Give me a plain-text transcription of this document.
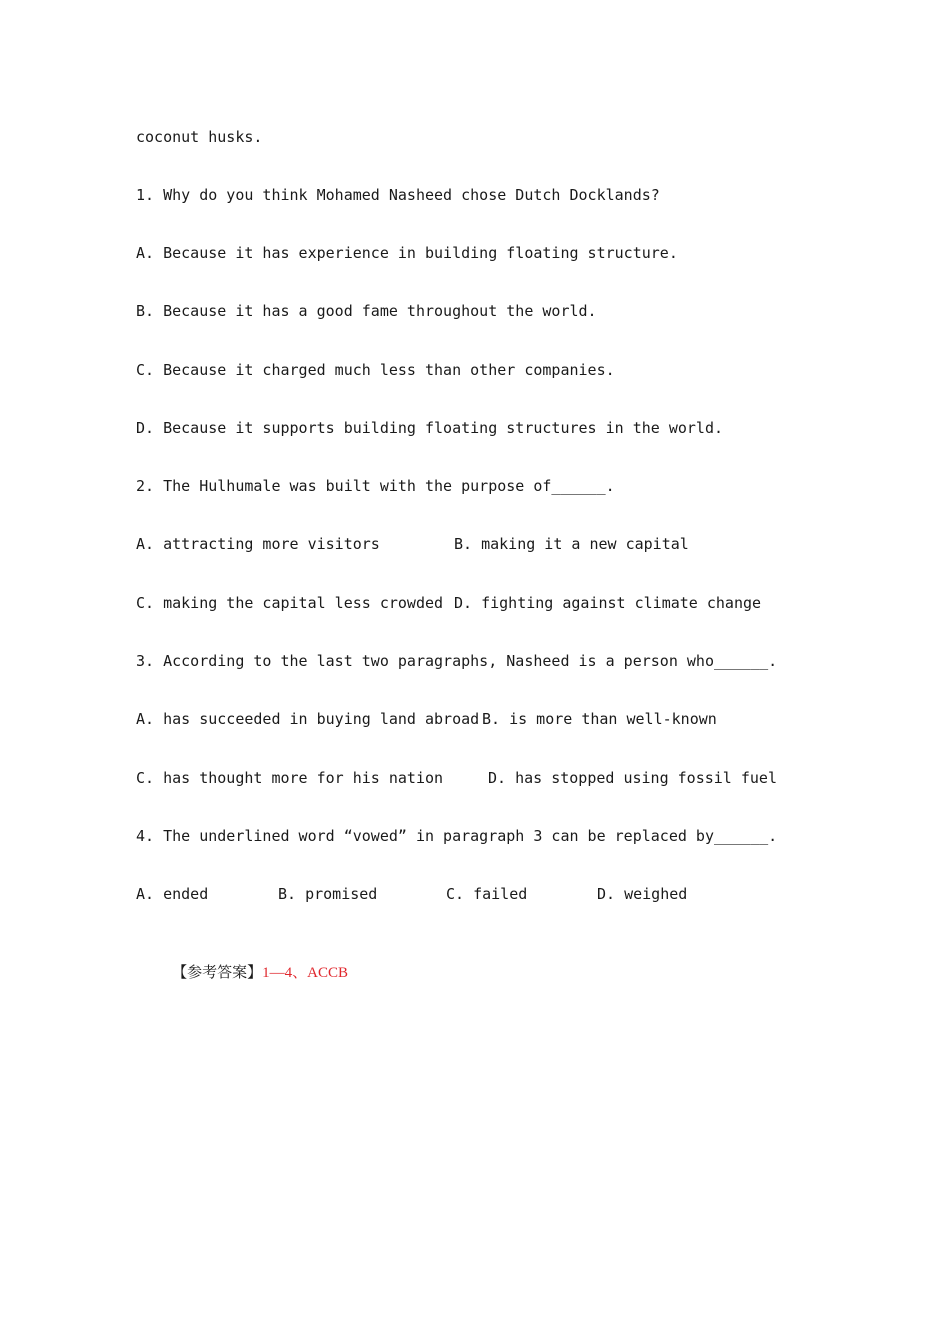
coconut husks.
1. Why do you think Mohamed Nasheed chose Dutch Docklands?
A. Because it has experience in building floating structure.
B. Because it has a good fame throughout the world.
C. Because it charged much less than other companies.
D. Because it supports building floating structures in the world.
2. The Hulhumale was built with the purpose of______.
A. attracting more visitors	B. making it a new capital
C. making the capital less crowded D. fighting against climate change
3. According to the last two paragraphs, Nasheed is a person who______.
A. has succeeded in buying land abroad B. is more than well-known
C. has thought more for his nation	D. has stopped using fossil fuel
4. The underlined word “vowed” in paragraph 3 can be replaced by______.
A. ended	B. promised	C. failed	D. weighed

【参考答案】1—4、ACCB
